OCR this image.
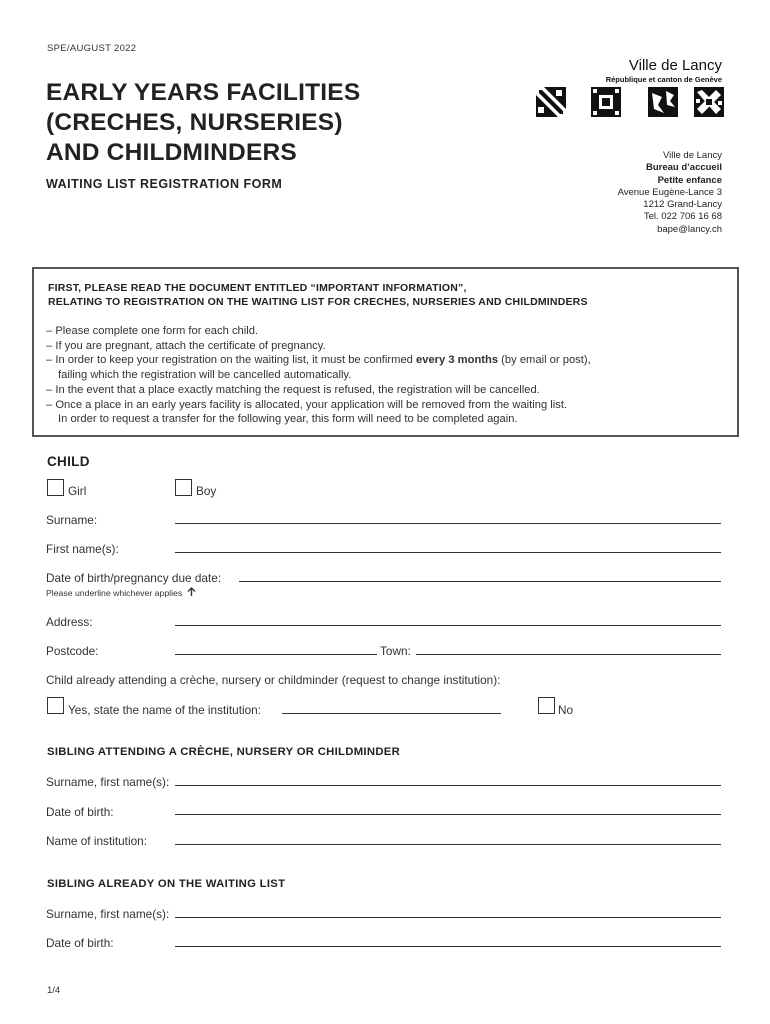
SPE/AUGUST 2022
EARLY YEARS FACILITIES
(CRECHES, NURSERIES)
AND CHILDMINDERS
WAITING LIST REGISTRATION FORM
Ville de Lancy
République et canton de Genève
Ville de Lancy
Bureau d’accueil
Petite enfance
Avenue Eugène-Lance 3
1212 Grand-Lancy
Tel. 022 706 16 68
bape@lancy.ch
FIRST, PLEASE READ THE DOCUMENT ENTITLED “IMPORTANT INFORMATION”,
RELATING TO REGISTRATION ON THE WAITING LIST FOR CRECHES, NURSERIES AND CHILDMINDERS
– Please complete one form for each child.
– If you are pregnant, attach the certificate of pregnancy.
– In order to keep your registration on the waiting list, it must be confirmed every 3 months (by email or post),
failing which the registration will be cancelled automatically.
– In the event that a place exactly matching the request is refused, the registration will be cancelled.
– Once a place in an early years facility is allocated, your application will be removed from the waiting list.
In order to request a transfer for the following year, this form will need to be completed again.
CHILD
Girl	Boy
Surname:
First name(s):
Date of birth/pregnancy due date:
Please underline whichever applies
Address:
Postcode:	Town:
Child already attending a crèche, nursery or childminder (request to change institution):
Yes, state the name of the institution:	No
SIBLING ATTENDING A CRÈCHE, NURSERY OR CHILDMINDER
Surname, first name(s):
Date of birth:
Name of institution:
SIBLING ALREADY ON THE WAITING LIST
Surname, first name(s):
Date of birth:
1/4
